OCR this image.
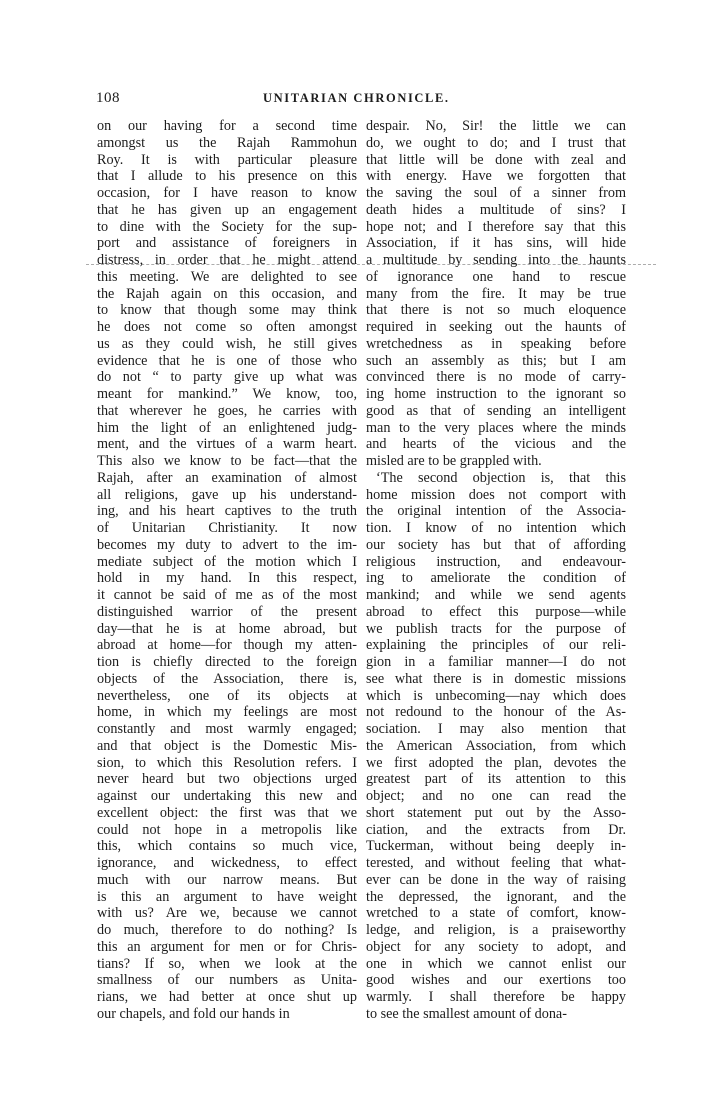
108	UNITARIAN CHRONICLE.
on our having for a second time
amongst us the Rajah Rammohun
Roy. It is with particular pleasure
that I allude to his presence on this
occasion, for I have reason to know
that he has given up an engagement
to dine with the Society for the sup-
port and assistance of foreigners in
distress, in order that he might attend
this meeting. We are delighted to see
the Rajah again on this occasion, and
to know that though some may think
he does not come so often amongst
us as they could wish, he still gives
evidence that he is one of those who
do not “ to party give up what was
meant for mankind.” We know, too,
that wherever he goes, he carries with
him the light of an enlightened judg-
ment, and the virtues of a warm heart.
This also we know to be fact—that the
Rajah, after an examination of almost
all religions, gave up his understand-
ing, and his heart captives to the truth
of Unitarian Christianity. It now
becomes my duty to advert to the im-
mediate subject of the motion which I
hold in my hand. In this respect,
it cannot be said of me as of the most
distinguished warrior of the present
day—that he is at home abroad, but
abroad at home—for though my atten-
tion is chiefly directed to the foreign
objects of the Association, there is,
nevertheless, one of its objects at
home, in which my feelings are most
constantly and most warmly engaged;
and that object is the Domestic Mis-
sion, to which this Resolution refers. I
never heard but two objections urged
against our undertaking this new and
excellent object: the first was that we
could not hope in a metropolis like
this, which contains so much vice,
ignorance, and wickedness, to effect
much with our narrow means. But
is this an argument to have weight
with us? Are we, because we cannot
do much, therefore to do nothing? Is
this an argument for men or for Chris-
tians? If so, when we look at the
smallness of our numbers as Unita-
rians, we had better at once shut up
our chapels, and fold our hands in
despair. No, Sir! the little we can
do, we ought to do; and I trust that
that little will be done with zeal and
with energy. Have we forgotten that
the saving the soul of a sinner from
death hides a multitude of sins? I
hope not; and I therefore say that this
Association, if it has sins, will hide
a multitude by sending into the haunts
of ignorance one hand to rescue
many from the fire. It may be true
that there is not so much eloquence
required in seeking out the haunts of
wretchedness as in speaking before
such an assembly as this; but I am
convinced there is no mode of carry-
ing home instruction to the ignorant so
good as that of sending an intelligent
man to the very places where the minds
and hearts of the vicious and the
misled are to be grappled with.
‘The second objection is, that this
home mission does not comport with
the original intention of the Associa-
tion. I know of no intention which
our society has but that of affording
religious instruction, and endeavour-
ing to ameliorate the condition of
mankind; and while we send agents
abroad to effect this purpose—while
we publish tracts for the purpose of
explaining the principles of our reli-
gion in a familiar manner—I do not
see what there is in domestic missions
which is unbecoming—nay which does
not redound to the honour of the As-
sociation. I may also mention that
the American Association, from which
we first adopted the plan, devotes the
greatest part of its attention to this
object; and no one can read the
short statement put out by the Asso-
ciation, and the extracts from Dr.
Tuckerman, without being deeply in-
terested, and without feeling that what-
ever can be done in the way of raising
the depressed, the ignorant, and the
wretched to a state of comfort, know-
ledge, and religion, is a praiseworthy
object for any society to adopt, and
one in which we cannot enlist our
good wishes and our exertions too
warmly. I shall therefore be happy
to see the smallest amount of dona-
